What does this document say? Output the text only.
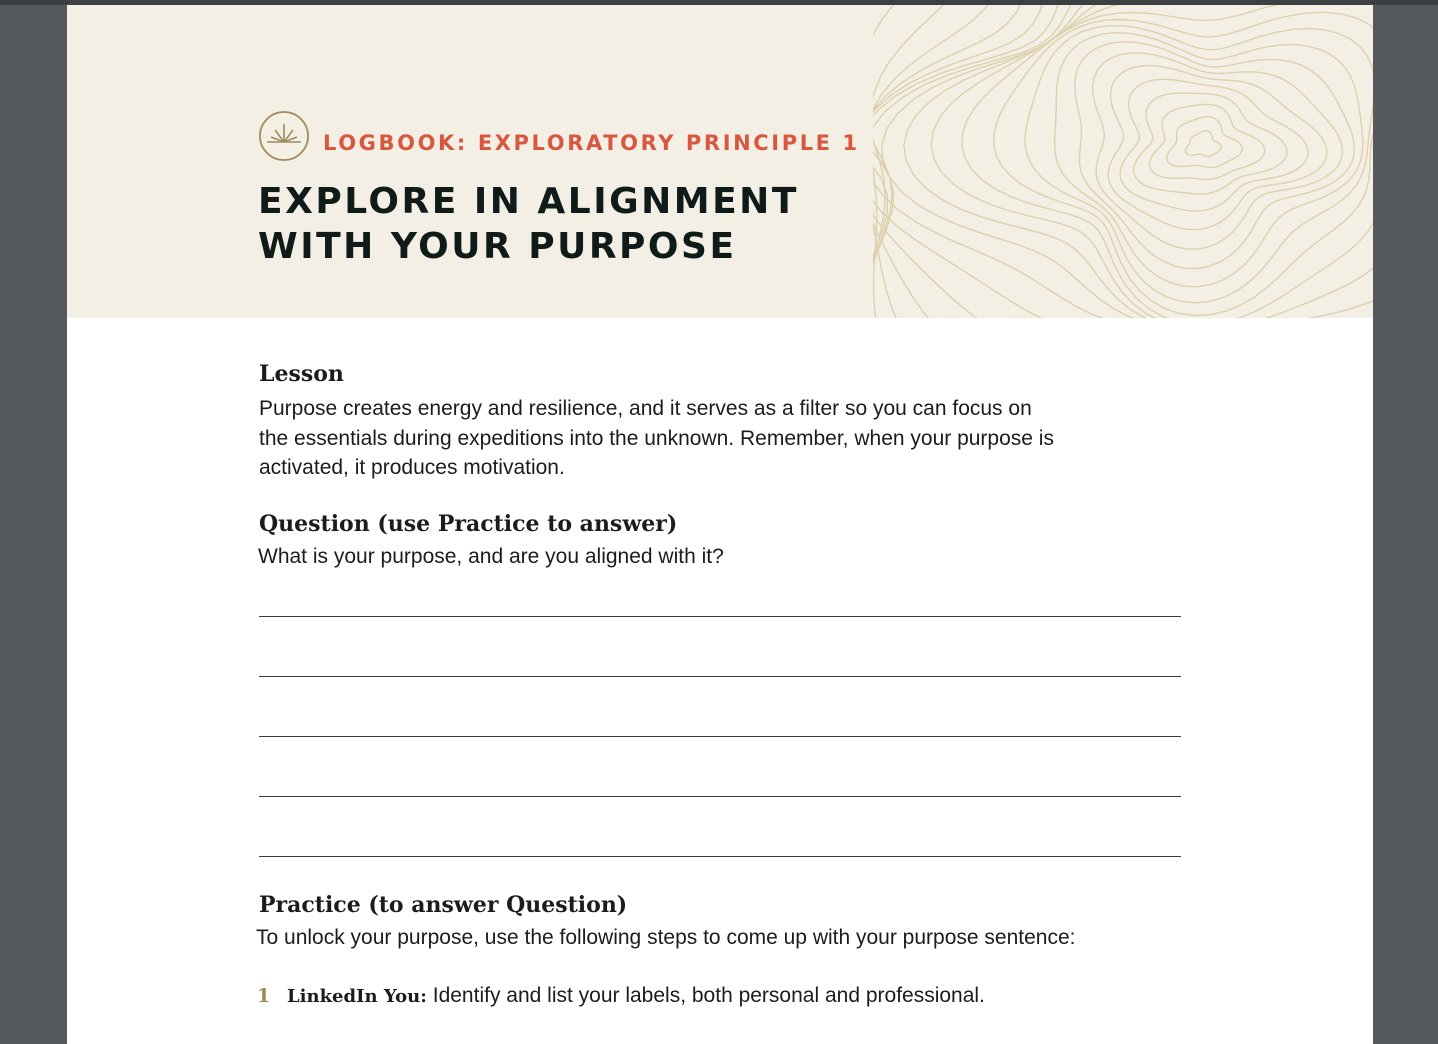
LOGBOOK: EXPLORATORY PRINCIPLE 1
EXPLORE IN ALIGNMENT
WITH YOUR PURPOSE
Lesson
Purpose creates energy and resilience, and it serves as a filter so you can focus on
the essentials during expeditions into the unknown. Remember, when your purpose is
activated, it produces motivation.
Question (use Practice to answer)
What is your purpose, and are you aligned with it?
Practice (to answer Question)
To unlock your purpose, use the following steps to come up with your purpose sentence:
1 LinkedIn You: Identify and list your labels, both personal and professional.
